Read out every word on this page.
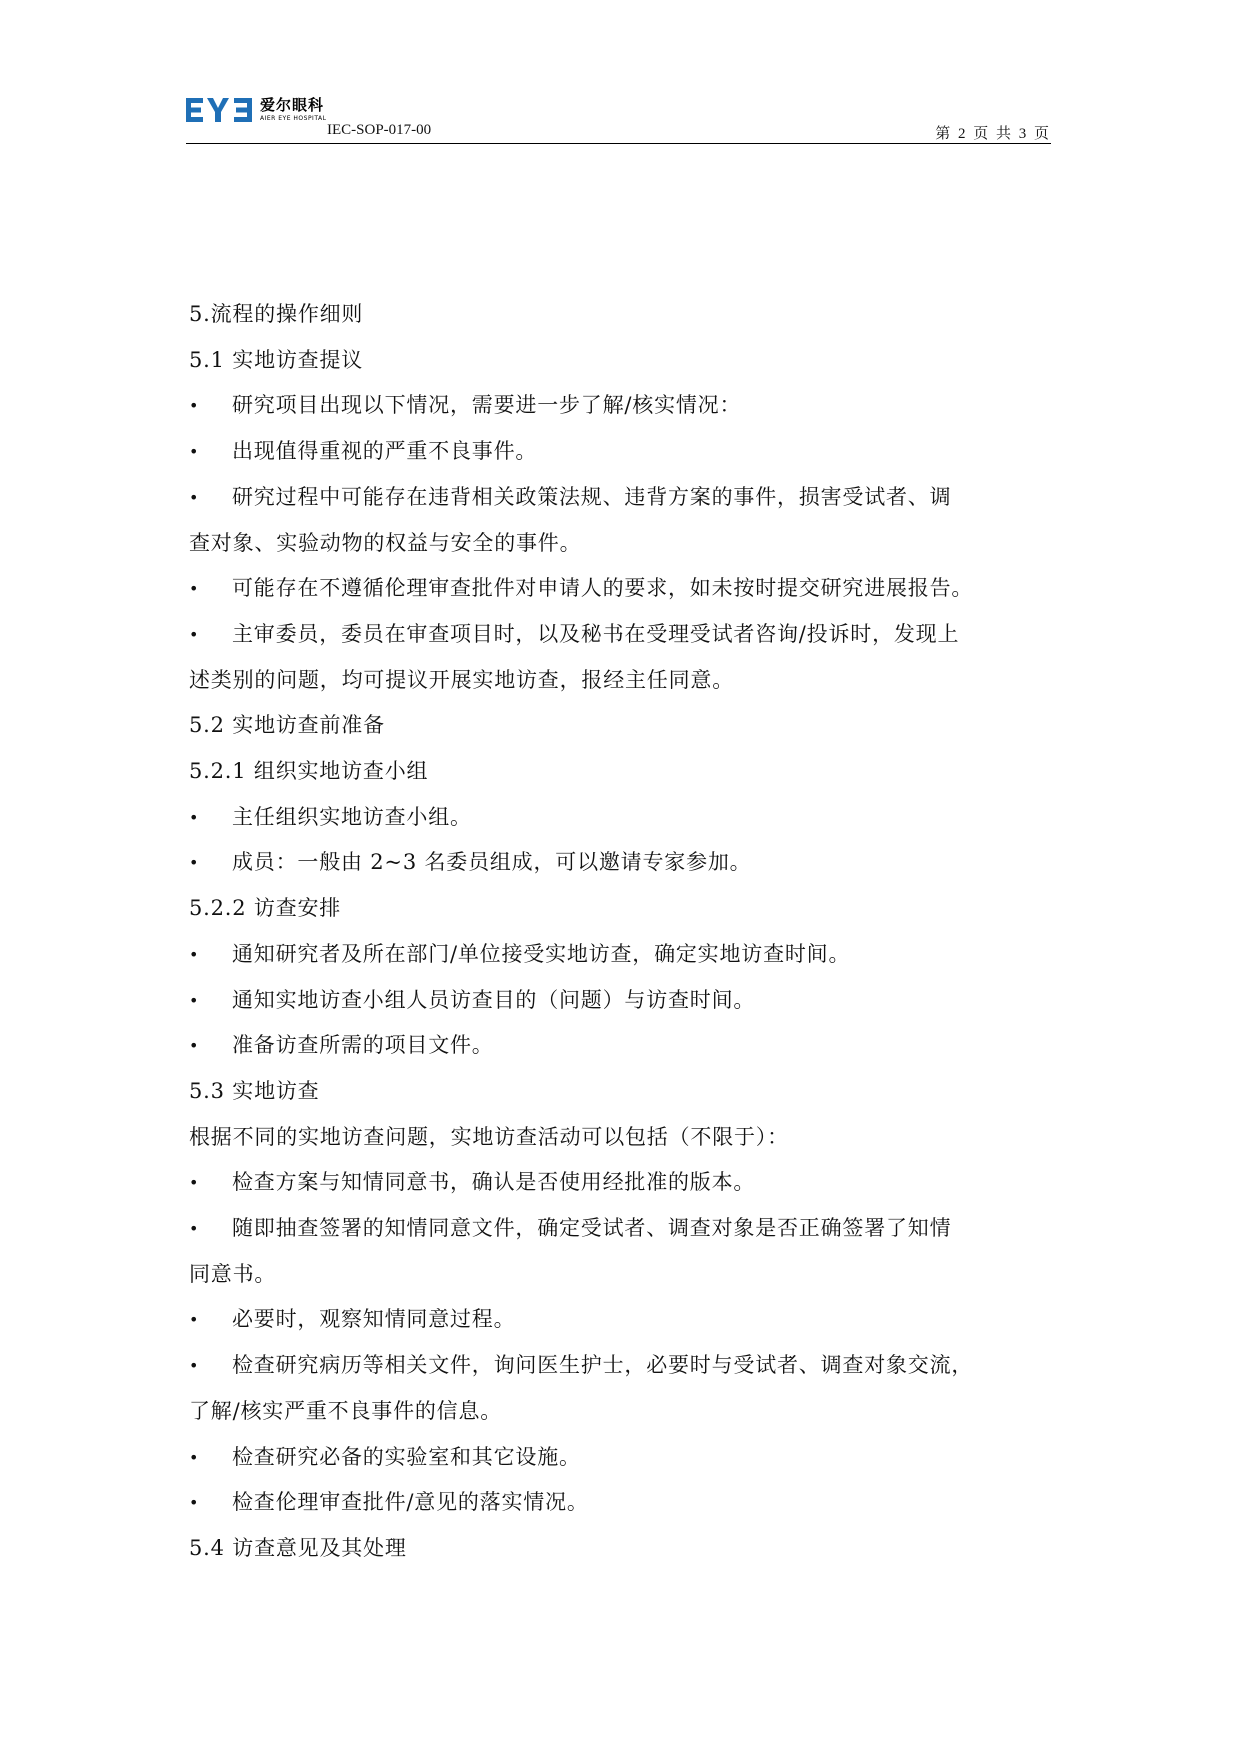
爱尔眼科
AIER EYE HOSPITAL
IEC-SOP-017-00	第 2 页 共 3 页
5.流程的操作细则
5.1 实地访查提议
• 研究项目出现以下情况，需要进一步了解/核实情况：
• 出现值得重视的严重不良事件。
• 研究过程中可能存在违背相关政策法规、违背方案的事件，损害受试者、调
查对象、实验动物的权益与安全的事件。
• 可能存在不遵循伦理审查批件对申请人的要求，如未按时提交研究进展报告。
• 主审委员，委员在审查项目时，以及秘书在受理受试者咨询/投诉时，发现上
述类别的问题，均可提议开展实地访查，报经主任同意。
5.2 实地访查前准备
5.2.1 组织实地访查小组
• 主任组织实地访查小组。
• 成员：一般由 2~3 名委员组成，可以邀请专家参加。
5.2.2 访查安排
• 通知研究者及所在部门/单位接受实地访查，确定实地访查时间。
• 通知实地访查小组人员访查目的（问题）与访查时间。
• 准备访查所需的项目文件。
5.3 实地访查
根据不同的实地访查问题，实地访查活动可以包括（不限于）：
• 检查方案与知情同意书，确认是否使用经批准的版本。
• 随即抽查签署的知情同意文件，确定受试者、调查对象是否正确签署了知情
同意书。
• 必要时，观察知情同意过程。
• 检查研究病历等相关文件，询问医生护士，必要时与受试者、调查对象交流，
了解/核实严重不良事件的信息。
• 检查研究必备的实验室和其它设施。
• 检查伦理审查批件/意见的落实情况。
5.4 访查意见及其处理
